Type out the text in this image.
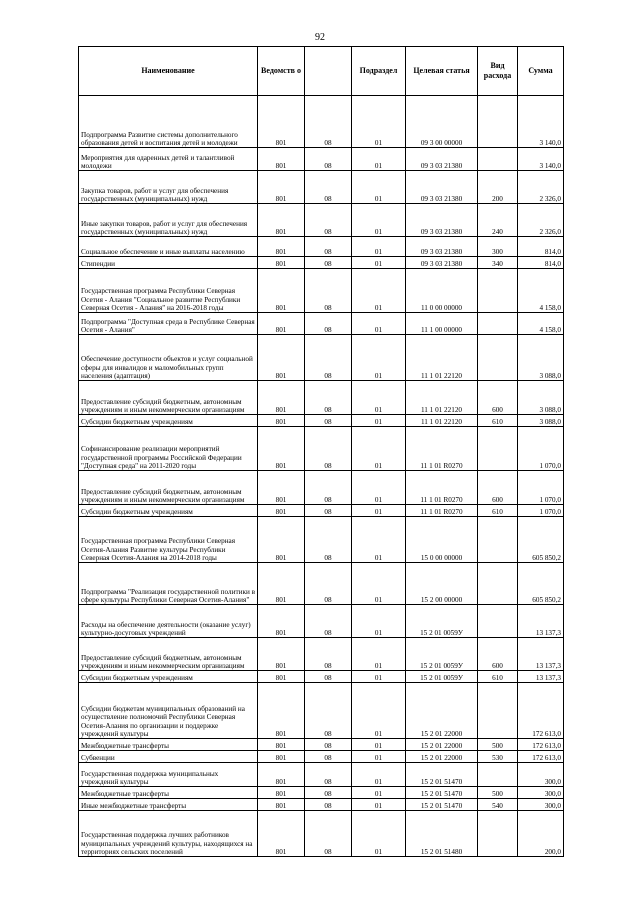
92
Наименование	Ведомств о		Подраздел	Целевая статья	Вид расхода	Сумма
Подпрограмма Развитие системы дополнительного образования детей и воспитания детей и молодежи	801	08	01	09 3 00 00000		3 140,0
Мероприятия для одаренных детей и талантливой молодежи	801	08	01	09 3 03 21380		3 140,0
Закупка товаров, работ и услуг для обеспечения государственных (муниципальных) нужд	801	08	01	09 3 03 21380	200	2 326,0
Иные закупки товаров, работ и услуг для обеспечения государственных (муниципальных) нужд	801	08	01	09 3 03 21380	240	2 326,0
Социальное обеспечение и иные выплаты населению	801	08	01	09 3 03 21380	300	814,0
Стипендии	801	08	01	09 3 03 21380	340	814,0
Государственная программа Республики Северная Осетия - Алания "Социальное развитие Республики Северная Осетия - Алания" на 2016-2018 годы	801	08	01	11 0 00 00000		4 158,0
Подпрограмма "Доступная среда в Республике Северная Осетия - Алания"	801	08	01	11 1 00 00000		4 158,0
Обеспечение доступности объектов и услуг социальной сферы для инвалидов и маломобильных групп населения (адаптация)	801	08	01	11 1 01 22120		3 088,0
Предоставление субсидий бюджетным, автономным учреждениям и иным некоммерческим организациям	801	08	01	11 1 01 22120	600	3 088,0
Субсидии бюджетным учреждениям	801	08	01	11 1 01 22120	610	3 088,0
Софинансирование реализации мероприятий государственной программы Российской Федерации "Доступная среда" на 2011-2020 годы	801	08	01	11 1 01 R0270		1 070,0
Предоставление субсидий бюджетным, автономным учреждениям и иным некоммерческим организациям	801	08	01	11 1 01 R0270	600	1 070,0
Субсидии бюджетным учреждениям	801	08	01	11 1 01 R0270	610	1 070,0
Государственная программа Республики Северная Осетия-Алания Развитие культуры Республики Северная Осетия-Алания на 2014-2018 годы	801	08	01	15 0 00 00000		605 850,2
Подпрограмма "Реализация государственной политики в сфере культуры Республики Северная Осетия-Алания"	801	08	01	15 2 00 00000		605 850,2
Расходы на обеспечение деятельности (оказание услуг) культурно-досуговых учреждений	801	08	01	15 2 01 0059У		13 137,3
Предоставление субсидий бюджетным, автономным учреждениям и иным некоммерческим организациям	801	08	01	15 2 01 0059У	600	13 137,3
Субсидии бюджетным учреждениям	801	08	01	15 2 01 0059У	610	13 137,3
Субсидии бюджетам муниципальных образований на осуществление полномочий Республики Северная Осетия-Алания по организации и поддержке учреждений культуры	801	08	01	15 2 01 22000		172 613,0
Межбюджетные трансферты	801	08	01	15 2 01 22000	500	172 613,0
Субвенции	801	08	01	15 2 01 22000	530	172 613,0
Государственная поддержка муниципальных учреждений культуры	801	08	01	15 2 01 51470		300,0
Межбюджетные трансферты	801	08	01	15 2 01 51470	500	300,0
Иные межбюджетные трансферты	801	08	01	15 2 01 51470	540	300,0
Государственная поддержка лучших работников муниципальных учреждений культуры, находящихся на территориях сельских поселений	801	08	01	15 2 01 51480		200,0
